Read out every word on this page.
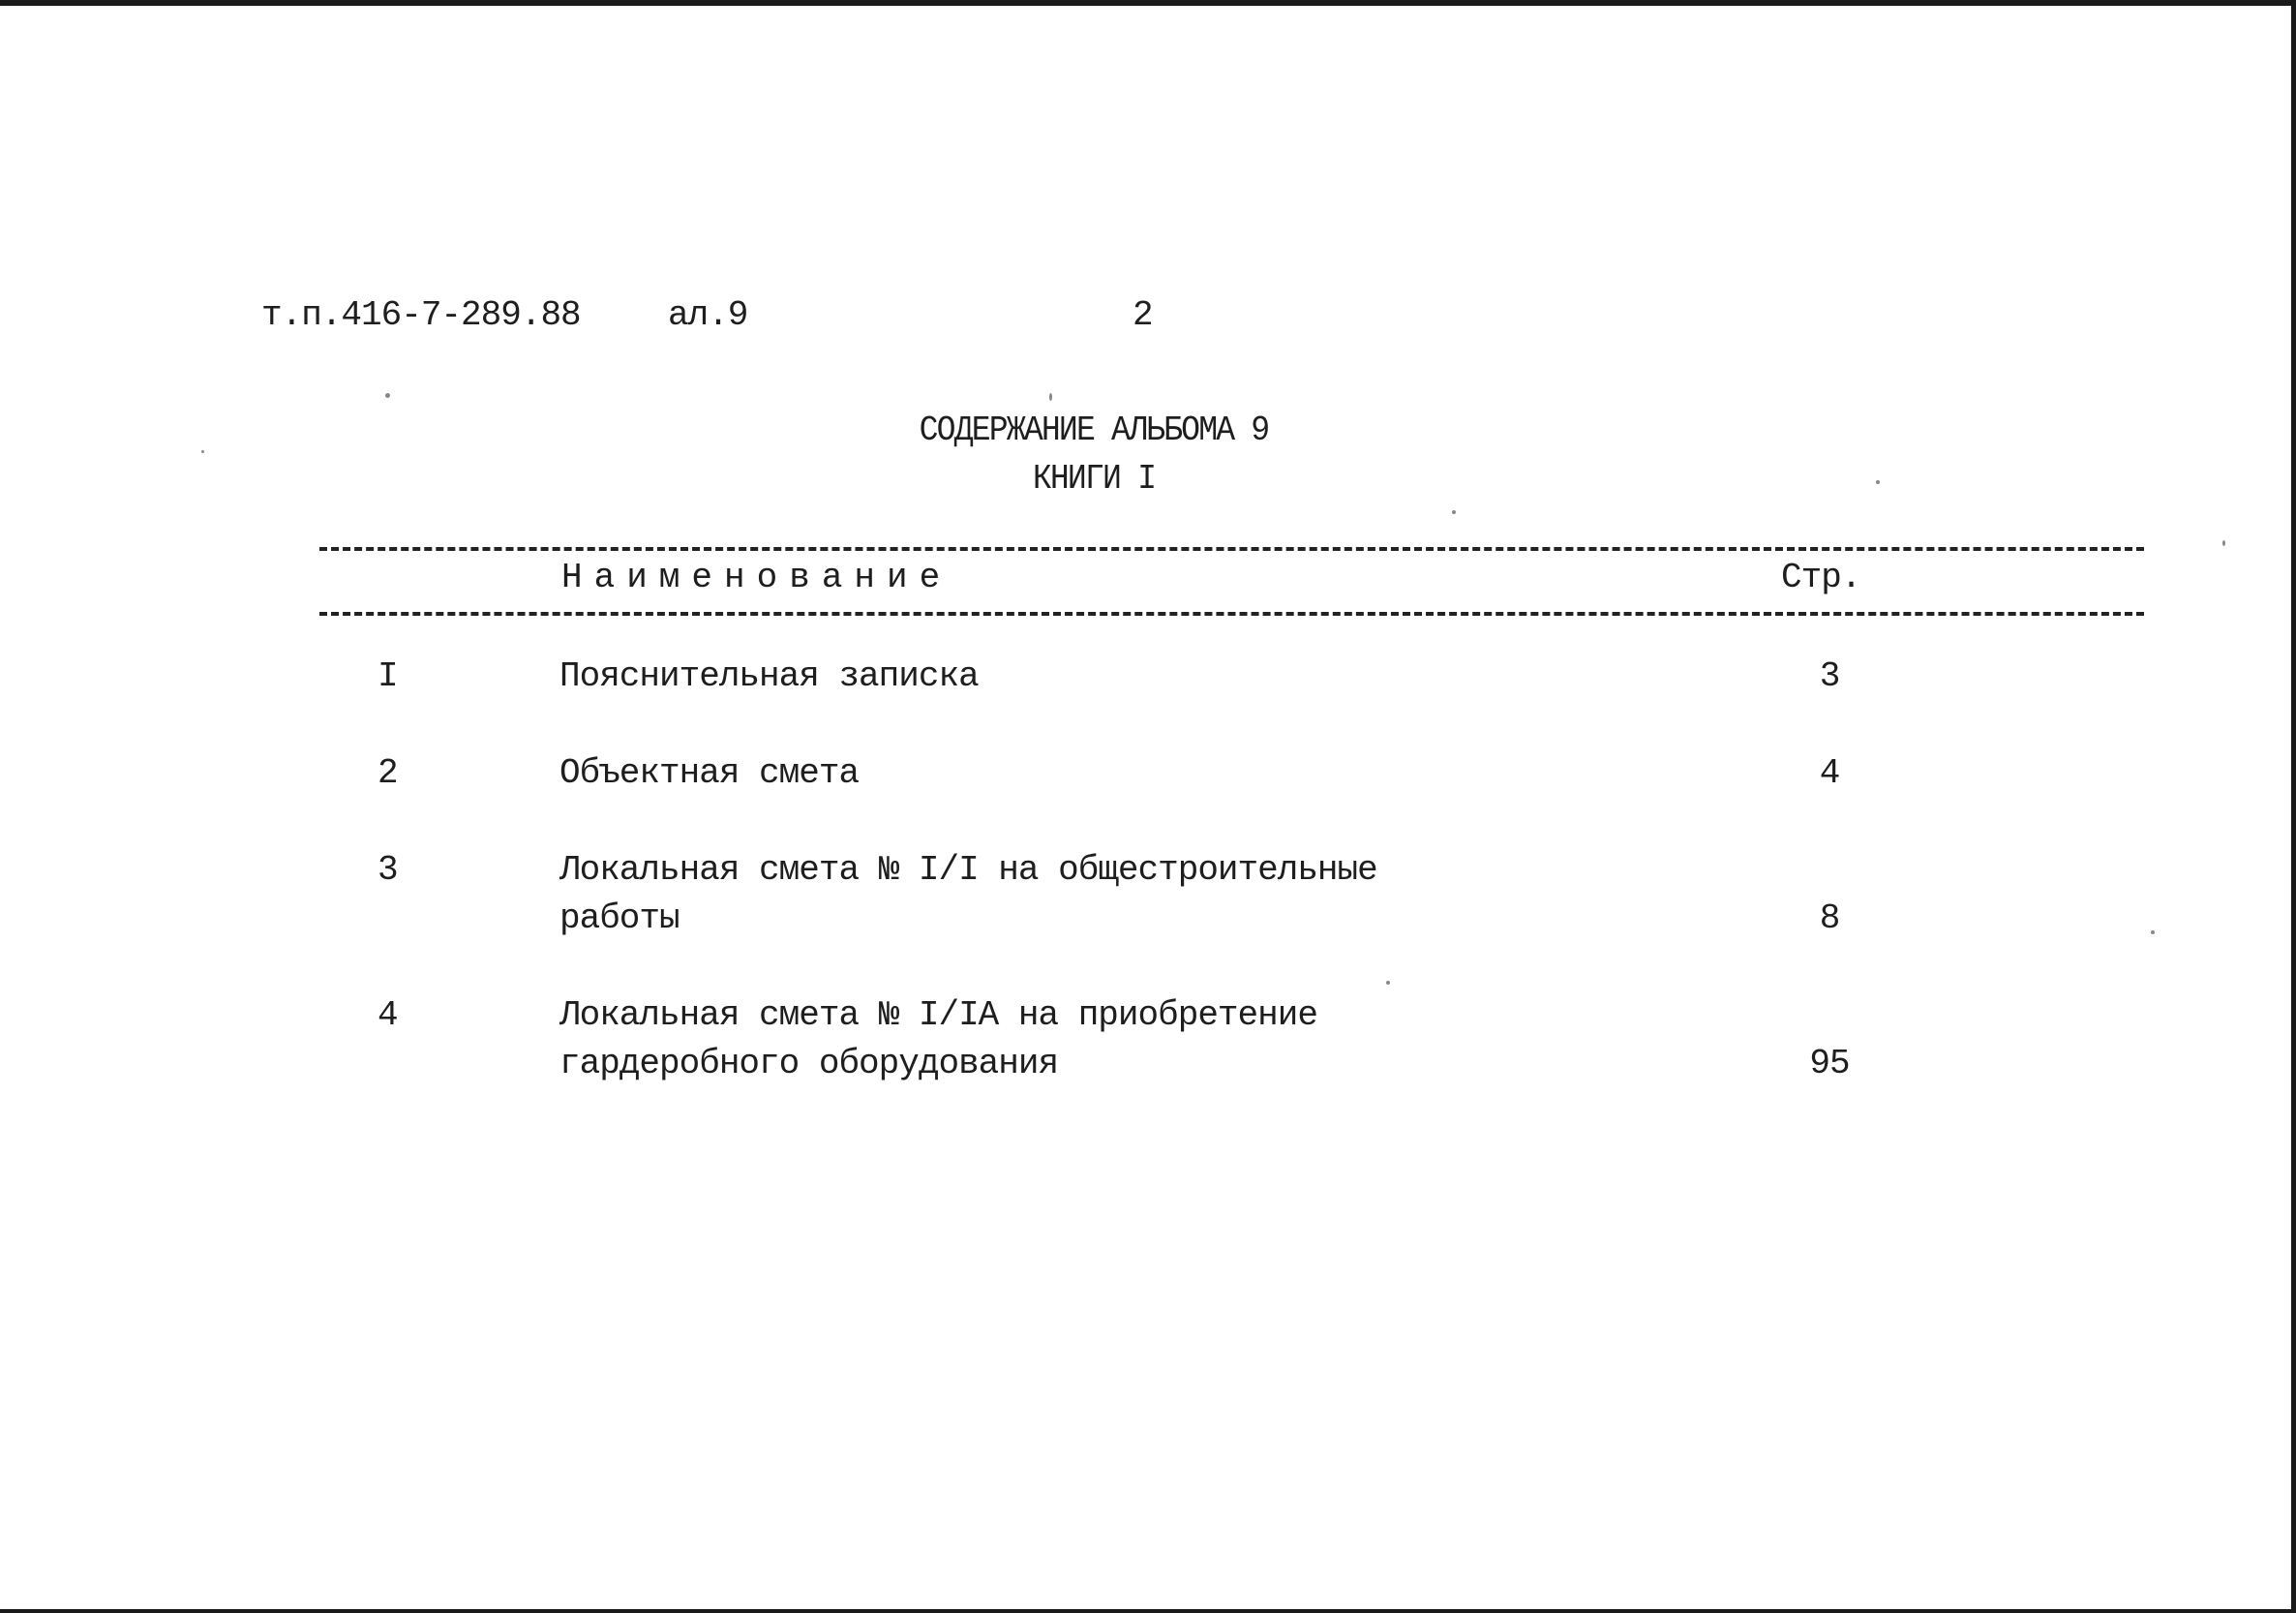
т.п.416-7-289.88	ал.9	2
СОДЕРЖАНИЕ АЛЬБОМА 9
КНИГИ I
Наименование	Стр.
I	Пояснительная записка	3
2	Объектная смета	4
3	Локальная смета № I/I на общестроительные
работы	8
4	Локальная смета № I/IA на приобретение
гардеробного оборудования	95
